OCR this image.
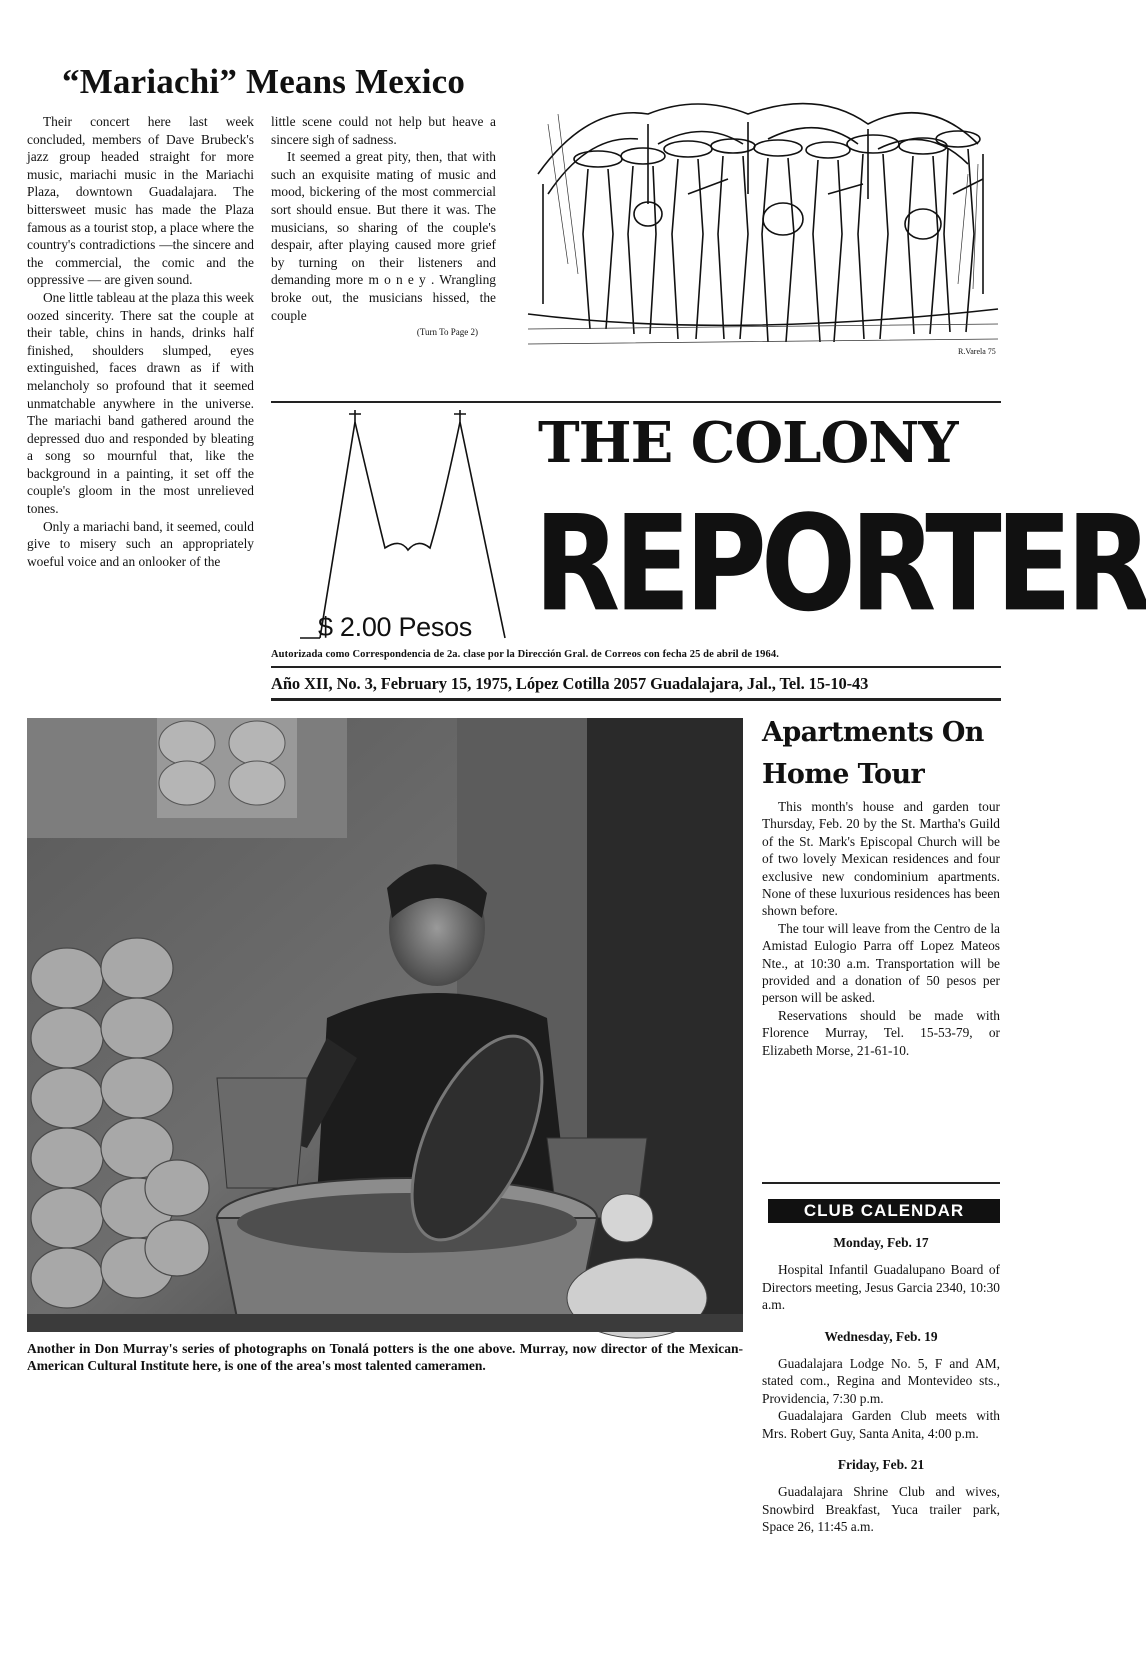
“Mariachi” Means Mexico

Their concert here last week concluded, members of Dave Brubeck's jazz group headed straight for more music, mariachi music in the Mariachi Plaza, downtown Guadalajara. The bittersweet music has made the Plaza famous as a tourist stop, a place where the country's contradictions —the sincere and the commercial, the comic and the oppressive — are given sound.

One little tableau at the plaza this week oozed sincerity. There sat the couple at their table, chins in hands, drinks half finished, shoulders slumped, eyes extinguished, faces drawn as if with melancholy so profound that it seemed unmatchable anywhere in the universe. The mariachi band gathered around the depressed duo and responded by bleating a song so mournful that, like the background in a painting, it set off the couple's gloom in the most unrelieved tones.

Only a mariachi band, it seemed, could give to misery such an appropriately woeful voice and an onlooker of the

little scene could not help but heave a sincere sigh of sadness.

It seemed a great pity, then, that with such an exquisite mating of music and mood, bickering of the most commercial sort should ensue. But there it was. The musicians, so sharing of the couple's despair, after playing caused more grief by turning on their listeners and demanding more m o n e y . Wrangling broke out, the musicians hissed, the couple

(Turn To Page 2)
R.Varela 75
$ 2.00 Pesos
THE COLONY
REPORTER
Autorizada como Correspondencia de 2a. clase por la Dirección Gral. de Correos con fecha 25 de abril de 1964.
Año XII, No. 3, February 15, 1975, López Cotilla 2057 Guadalajara, Jal., Tel. 15-10-43
Another in Don Murray's series of photographs on Tonalá potters is the one above. Murray, now director of the Mexican-American Cultural Institute here, is one of the area's most talented cameramen.
Apartments On Home Tour

This month's house and garden tour Thursday, Feb. 20 by the St. Martha's Guild of the St. Mark's Episcopal Church will be of two lovely Mexican residences and four exclusive new condominium apartments. None of these luxurious residences has been shown before.

The tour will leave from the Centro de la Amistad Eulogio Parra off Lopez Mateos Nte., at 10:30 a.m. Transportation will be provided and a donation of 50 pesos per person will be asked.

Reservations should be made with Florence Murray, Tel. 15-53-79, or Elizabeth Morse, 21-61-10.

CLUB CALENDAR
Monday, Feb. 17

Hospital Infantil Guadalupano Board of Directors meeting, Jesus Garcia 2340, 10:30 a.m.

Wednesday, Feb. 19

Guadalajara Lodge No. 5, F and AM, stated com., Regina and Montevideo sts., Providencia, 7:30 p.m.

Guadalajara Garden Club meets with Mrs. Robert Guy, Santa Anita, 4:00 p.m.

Friday, Feb. 21

Guadalajara Shrine Club and wives, Snowbird Breakfast, Yuca trailer park, Space 26, 11:45 a.m.
